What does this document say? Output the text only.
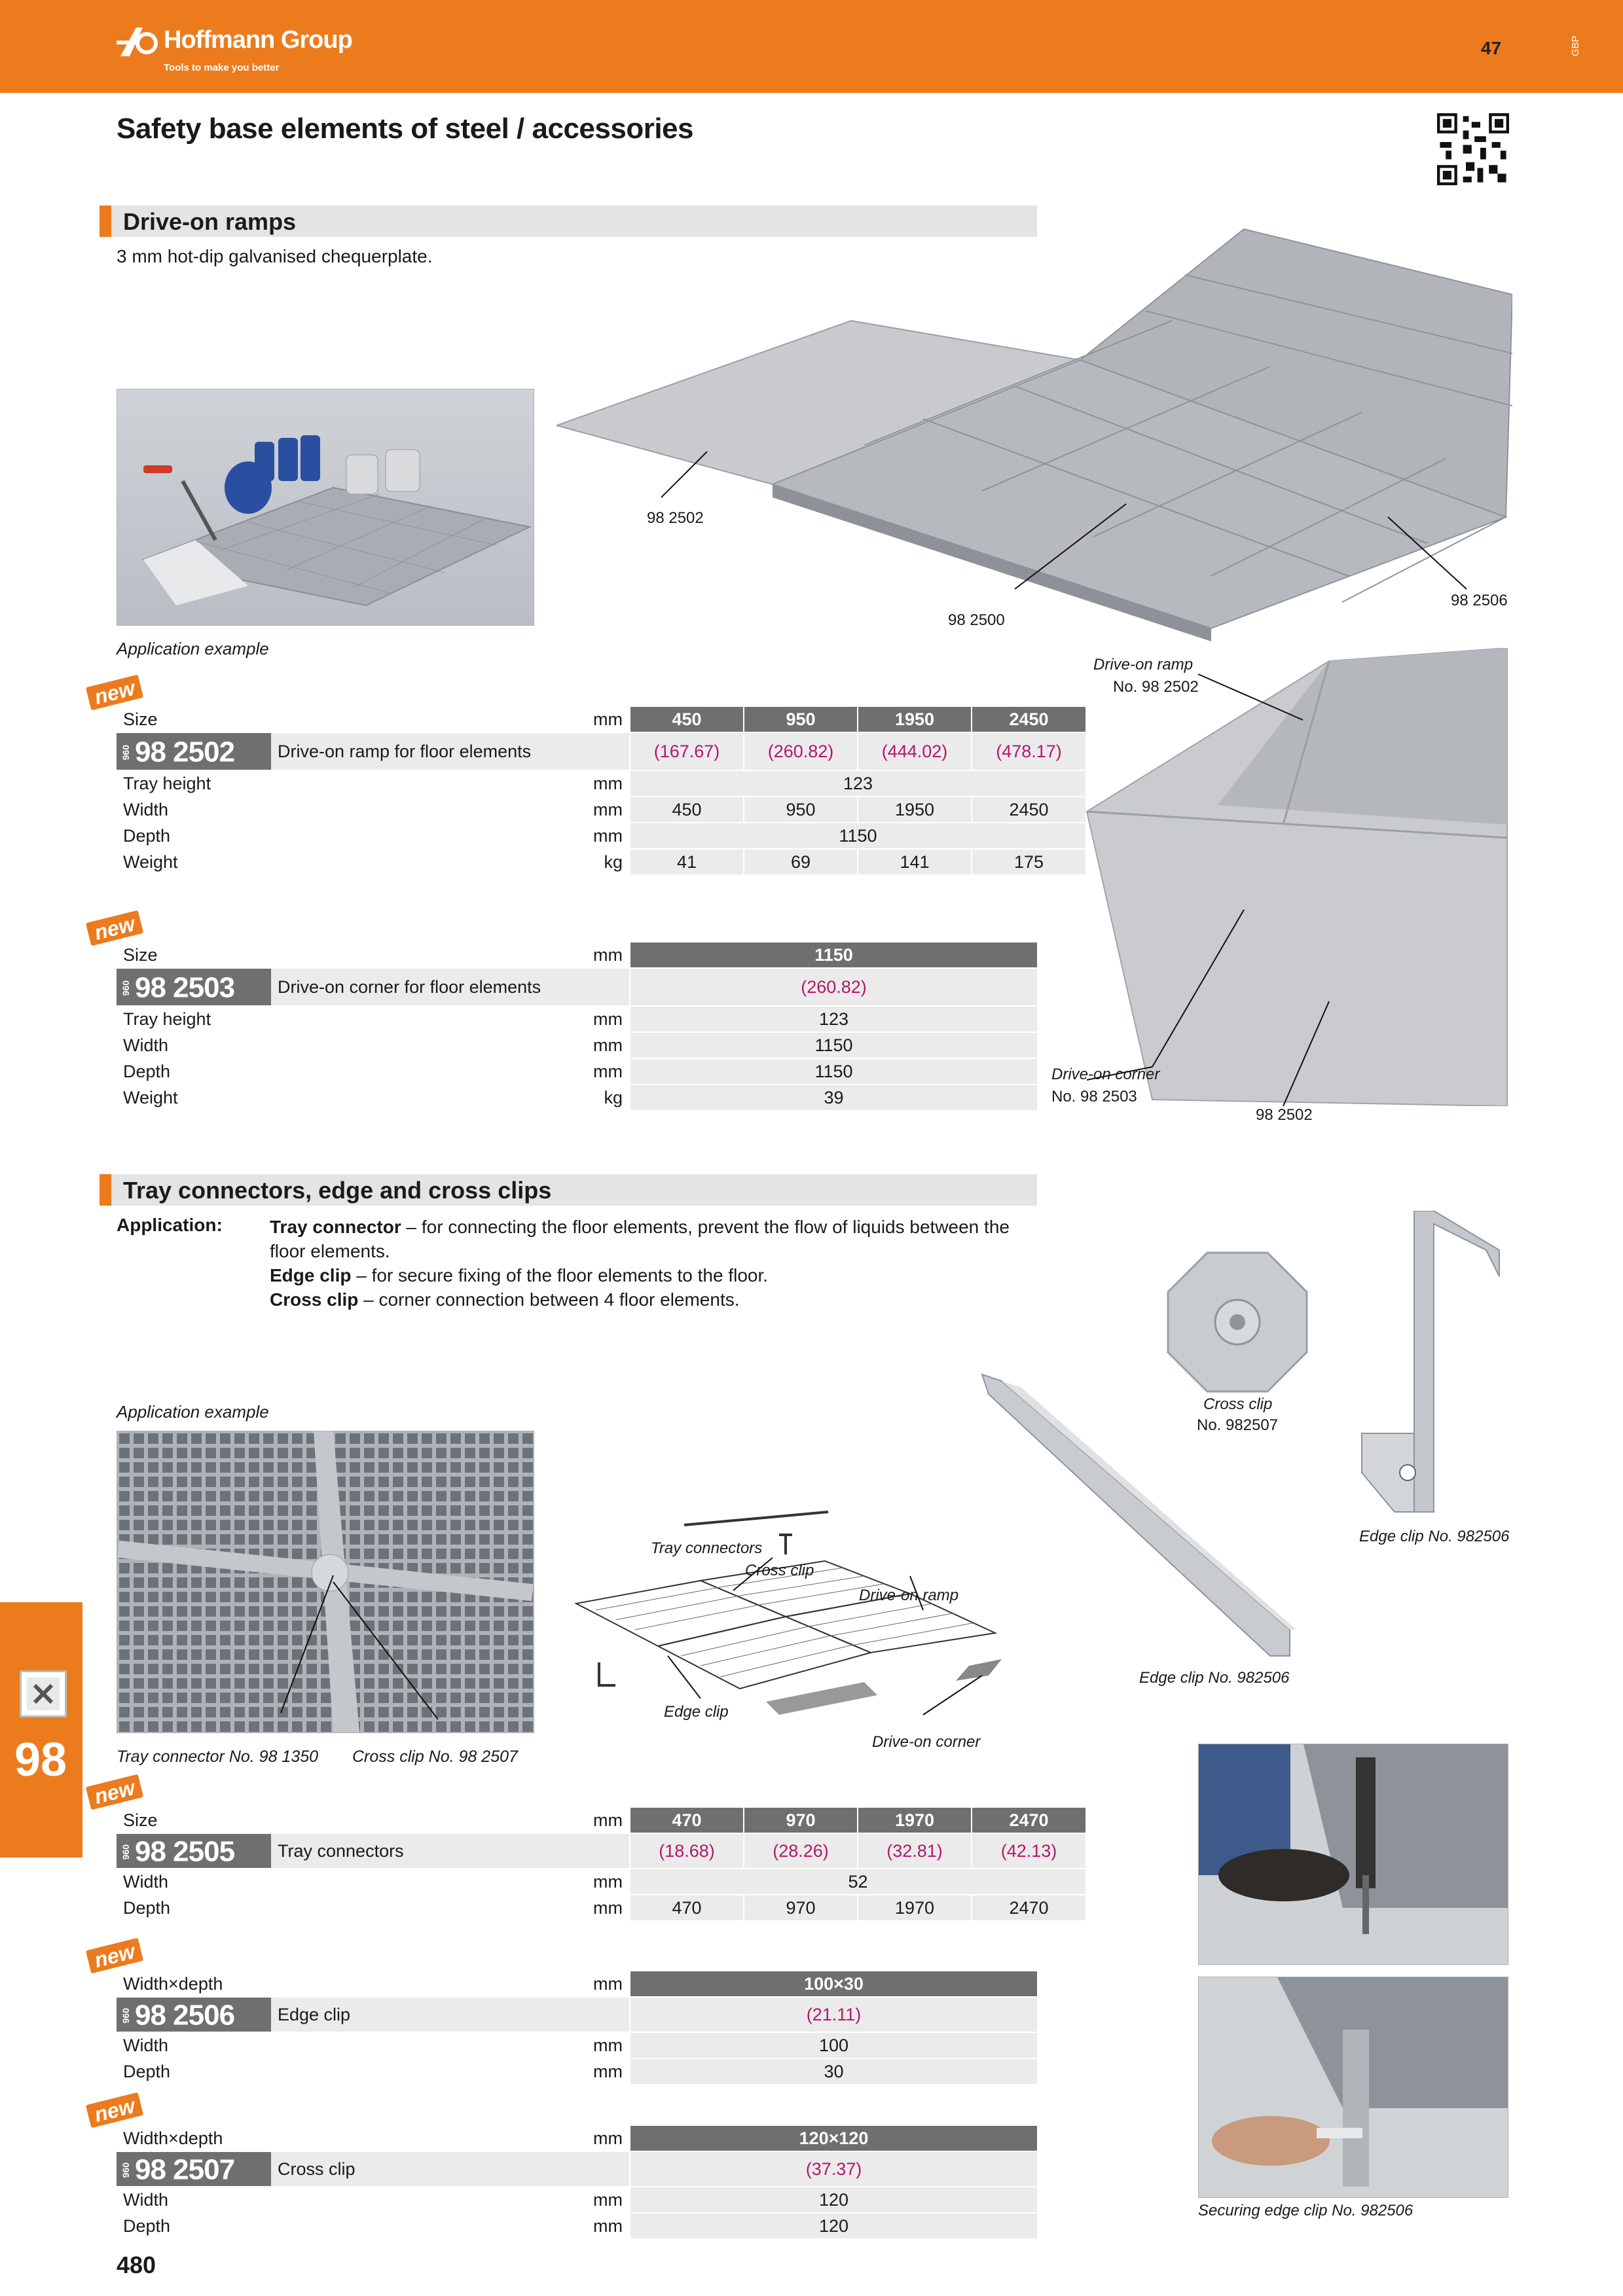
Hoffmann Group
Tools to make you better
47	GBP
Safety base elements of steel / accessories
Drive-on ramps
3 mm hot-dip galvanised chequerplate.
Application example
98 2502
98 2500
98 2506
Drive-on ramp
No. 98 2502
Drive-on corner
No. 98 2503
98 2502
new
Size		mm	450	950	1950	2450
960 98 2502	Drive-on ramp for floor elements		(167.67)	(260.82)	(444.02)	(478.17)
Tray height		mm	123			
Width		mm	450	950	1950	2450
Depth		mm	1150			
Weight		kg	41	69	141	175
new
Size		mm	1150
960 98 2503	Drive-on corner for floor elements		(260.82)
Tray height		mm	123
Width		mm	1150
Depth		mm	1150
Weight		kg	39
Tray connectors, edge and cross clips
Application:	Tray connector – for connecting the floor elements, prevent the flow of liquids between the floor elements.
Edge clip – for secure fixing of the floor elements to the floor.
Cross clip – corner connection between 4 floor elements.
Application example
Tray connector No. 98 1350 Cross clip No. 98 2507
Tray connectors
Cross clip
Drive-on ramp
Edge clip
Drive-on corner
Cross clip
No. 982507
Edge clip No. 982506
Edge clip No. 982506
Securing edge clip No. 982506
new
Size		mm	470	970	1970	2470
960 98 2505	Tray connectors		(18.68)	(28.26)	(32.81)	(42.13)
Width		mm	52			
Depth		mm	470	970	1970	2470
new
Width×depth		mm	100×30
960 98 2506	Edge clip		(21.11)
Width		mm	100
Depth		mm	30
new
Width×depth		mm	120×120
960 98 2507	Cross clip		(37.37)
Width		mm	120
Depth		mm	120
98
480
